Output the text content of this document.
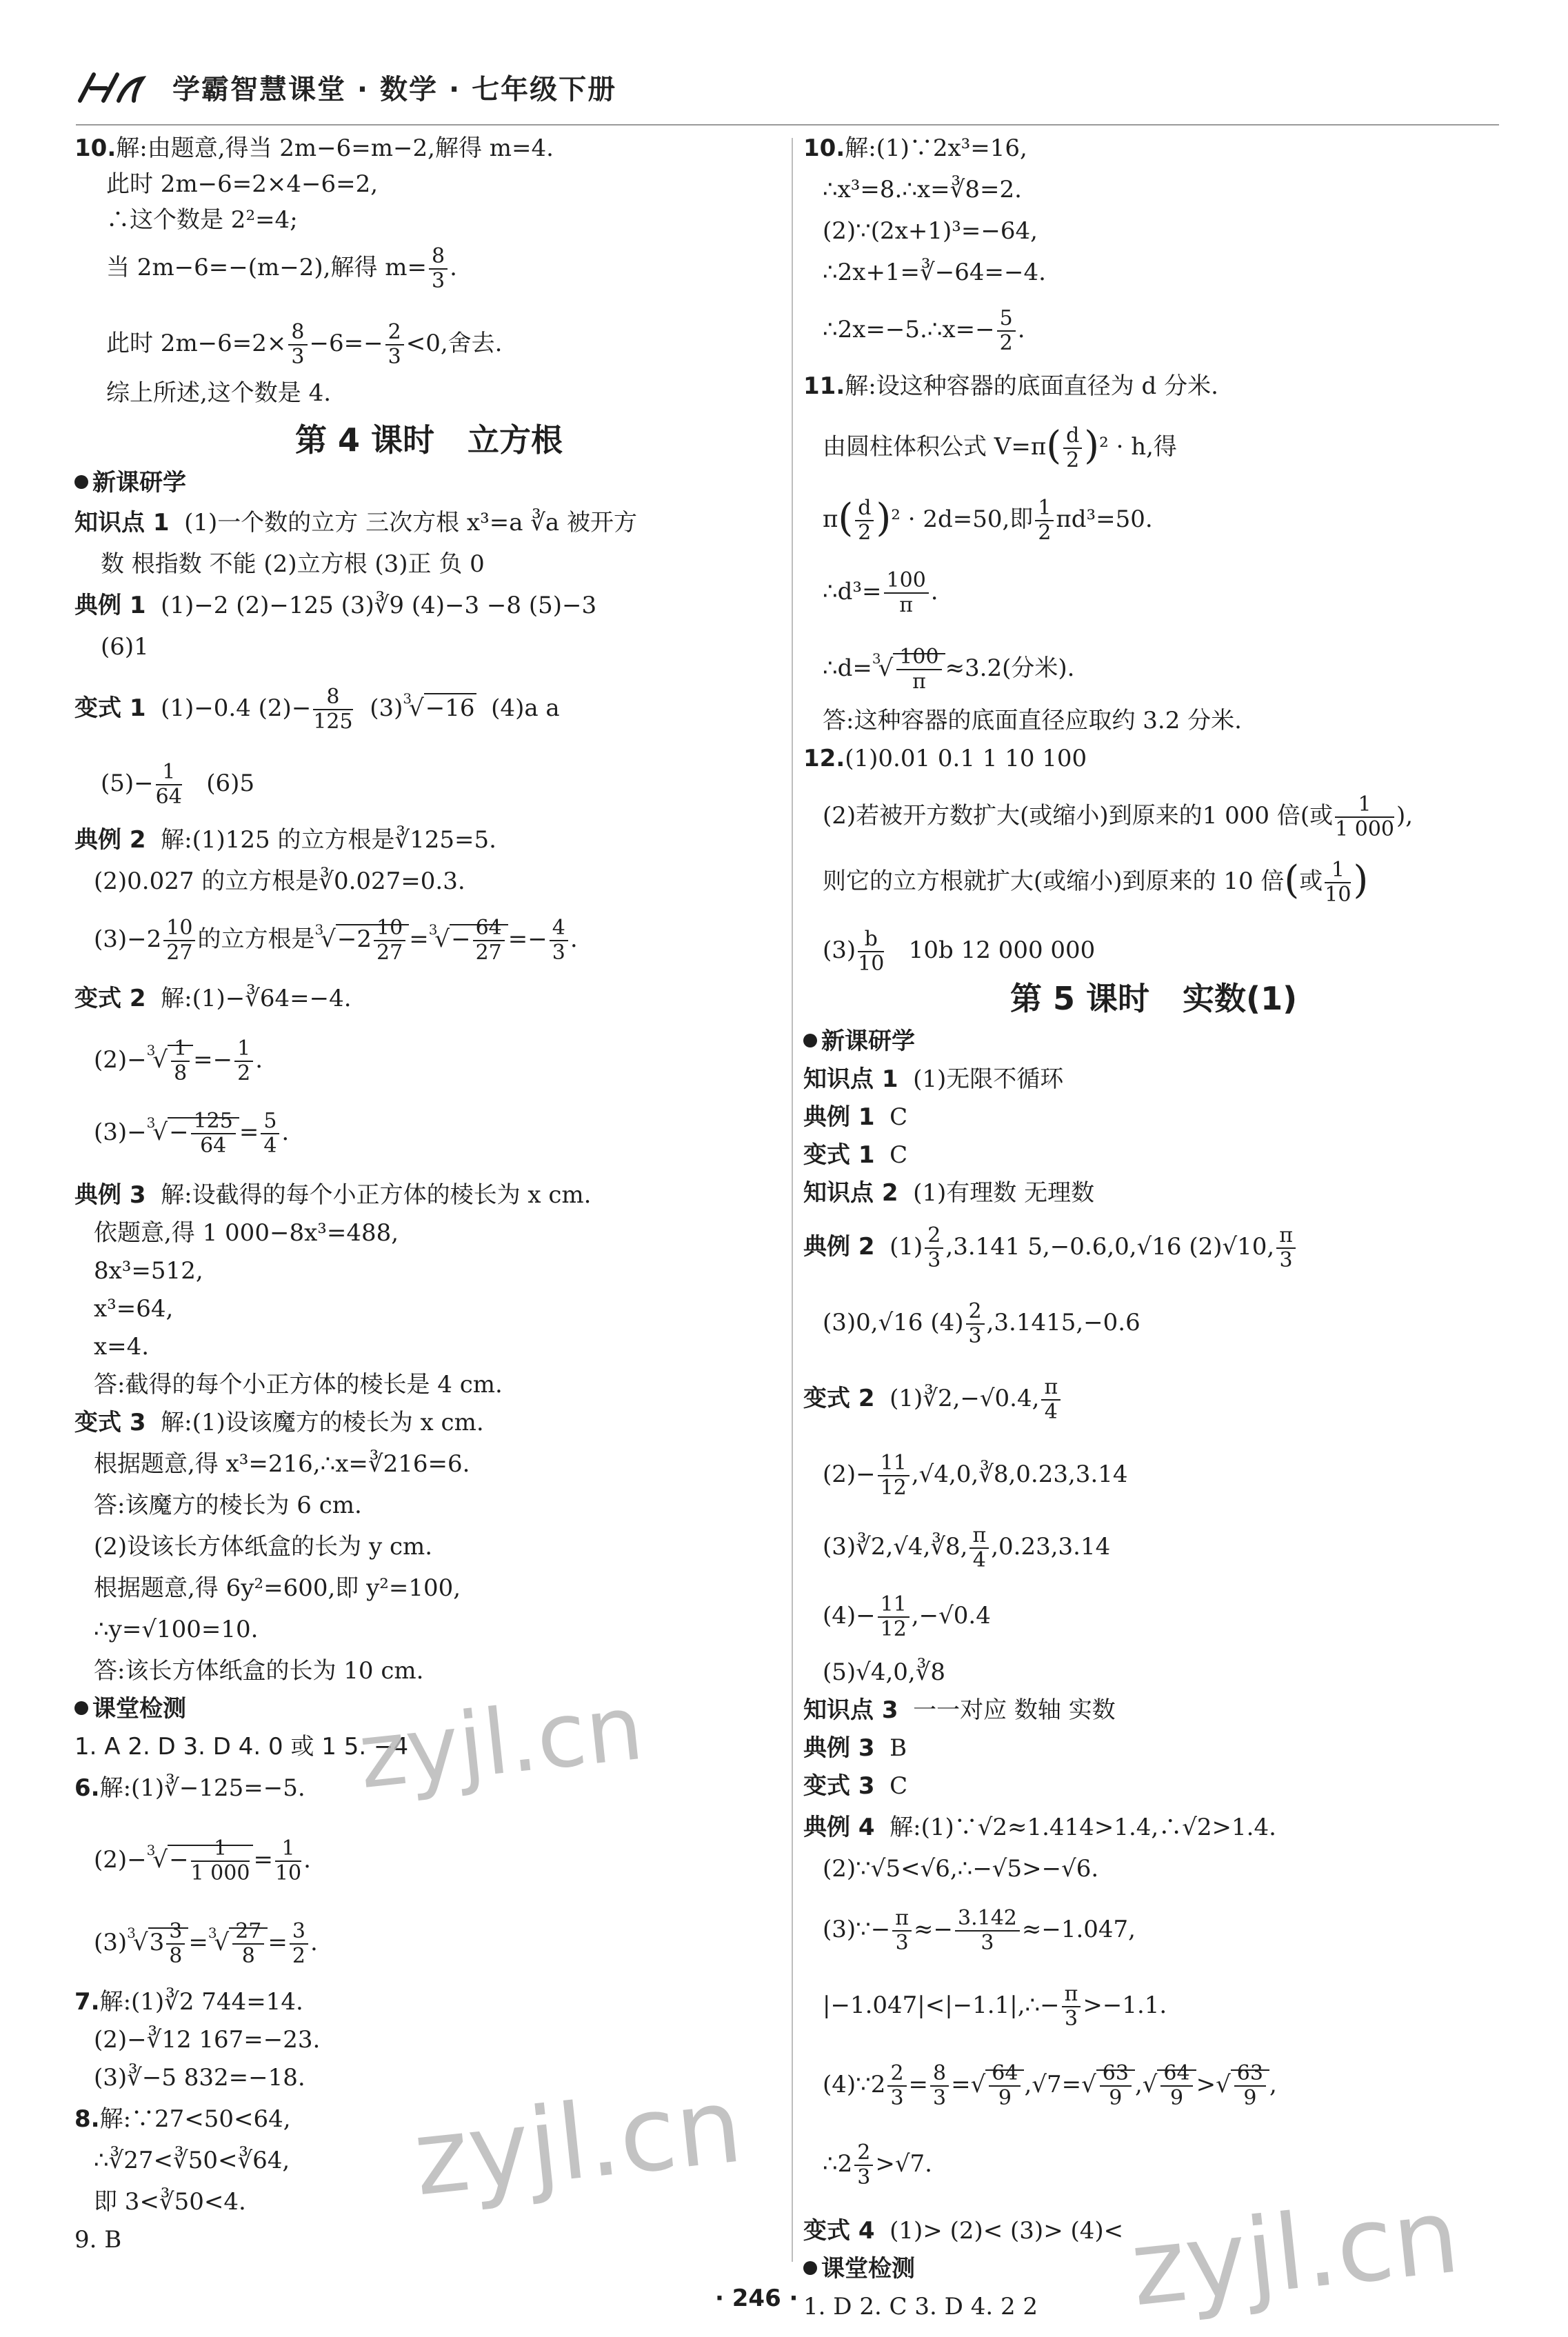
学霸智慧课堂 · 数学 · 七年级下册
10.解:由题意,得当 2m−6=m−2,解得 m=4.
此时 2m−6=2×4−6=2,
∴这个数是 2²=4;
当 2m−6=−(m−2),解得 $m= \frac{8}{3}$ .
此时 $2m-6=2\times \frac{8}{3} -6=- \frac{2}{3} <0$,舍去.
综上所述,这个数是 4.
第 4 课时 立方根
新课研学
知识点 1 (1)一个数的立方 三次方根 x³=a ∛a 被开方
数 根指数 不能 (2)立方根 (3)正 负 0
典例 1 (1)−2 (2)−125 (3)∛9 (4)−3 −8 (5)−3
(6)1
变式 1 (1)−0.4 $(2)- \frac{8}{125} (3)^3√-16$ (4)a a
$(5)- \frac{1}{64} (6)5$
典例 2 解:(1)125 的立方根是∛125=5.
(2)0.027 的立方根是∛0.027=0.3.
$(3)-2 \frac{10}{27}$ 的立方根是$^3√-2 \frac{10}{27} =^3√- \frac{64}{27} =- \frac{4}{3}$ .
变式 2 解:(1)−∛64=−4.
$(2)-^3√ \frac{1}{8} =- \frac{1}{2}$ .
$(3)-^3√- \frac{125}{64} = \frac{5}{4}$ .
典例 3 解:设截得的每个小正方体的棱长为 x cm.
依题意,得 1 000−8x³=488,
8x³=512,
x³=64,
x=4.
答:截得的每个小正方体的棱长是 4 cm.
变式 3 解:(1)设该魔方的棱长为 x cm.
根据题意,得 x³=216,∴x=∛216=6.
答:该魔方的棱长为 6 cm.
(2)设该长方体纸盒的长为 y cm.
根据题意,得 6y²=600,即 y²=100,
∴y=√100=10.
答:该长方体纸盒的长为 10 cm.
课堂检测
1. A 2. D 3. D 4. 0 或 1 5. −4
6.解:(1)∛−125=−5.
$(2)-^3√- \frac{1}{1 000} = \frac{1}{10}$ .
$(3)^3√3 \frac{3}{8} =^3√ \frac{27}{8} = \frac{3}{2}$ .
7.解:(1)∛2 744=14.
(2)−∛12 167=−23.
(3)∛−5 832=−18.
8.解:∵27<50<64,
∴∛27<∛50<∛64,
即 3<∛50<4.
9. B
10.解:(1)∵2x³=16,
∴x³=8.∴x=∛8=2.
(2)∵(2x+1)³=−64,
∴2x+1=∛−64=−4.
∴2x=−5.∴x=− $\frac{5}{2}$ .
11.解:设这种容器的底面直径为 d 分米.
由圆柱体积公式 $V=\pi( \frac{d}{2} )^2 \cdot h$,得
$\pi( \frac{d}{2} )^2 \cdot 2d=50$,即 $\frac{1}{2} \pi d^3=50$.
∴d³= $\frac{100}{\pi}$ .
∴d=$^3$√ $\frac{100}{\pi} \approx 3.2$(分米).
答:这种容器的底面直径应取约 3.2 分米.
12.(1)0.01 0.1 1 10 100
(2)若被开方数扩大(或缩小)到原来的1 000 倍(或 $\frac{1}{1 000}$ ),
则它的立方根就扩大(或缩小)到原来的 10 倍(或 $\frac{1}{10}$ )
$(3) \frac{b}{10} 10b$ 12 000 000
第 5 课时 实数(1)
新课研学
知识点 1 (1)无限不循环
典例 1 C
变式 1 C
知识点 2 (1)有理数 无理数
典例 2 $(1) \frac{2}{3} ,3.141$ 5,−0.6,0,√16 (2)√10, $\frac{\pi}{3}$
(3)0,√16 $(4) \frac{2}{3} ,3.1415,-0.6$
变式 2 (1)∛2,−√0.4, $\frac{\pi}{4}$
$(2)- \frac{11}{12}$ ,√4,0,∛8,0.23,3.14
(3)∛2,√4,∛8, $\frac{\pi}{4} ,0.23,3.14$
$(4)- \frac{11}{12} ,-√0.4$
(5)√4,0,∛8
知识点 3 一一对应 数轴 实数
典例 3 B
变式 3 C
典例 4 解:(1)∵√2≈1.414>1.4,∴√2>1.4.
(2)∵√5<√6,∴−√5>−√6.
(3)∵− $\frac{\pi}{3} \approx- \frac{3.142}{3} \approx-1.047$,
|−1.047|<|−1.1|,∴− $\frac{\pi}{3} >-1.1$.
(4)∵2 $\frac{2}{3} = \frac{8}{3}$ =√ $\frac{64}{9} ,√7=√ \frac{63}{9}$ ,√ $\frac{64}{9}$ >√ $\frac{63}{9}$ ,
∴2 $\frac{2}{3} >√7$.
变式 4 (1)> (2)< (3)> (4)<
课堂检测
1. D 2. C 3. D 4. 2 2
zyjl.cn
zyjl.cn
zyjl.cn
· 246 ·
